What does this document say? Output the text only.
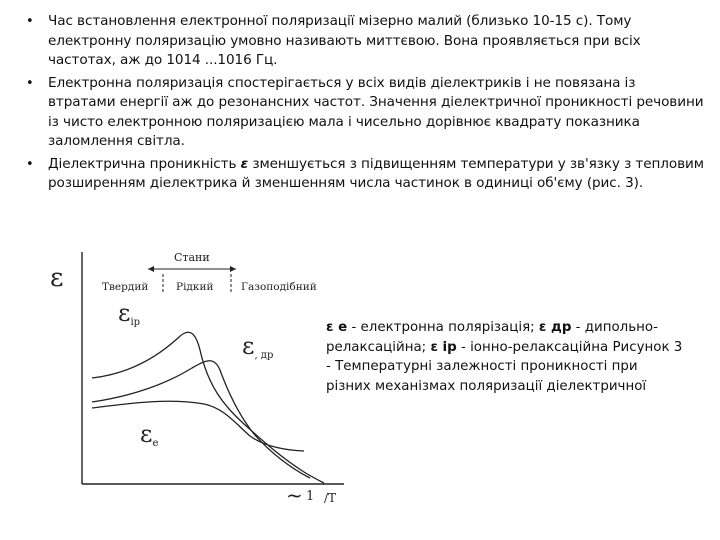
• Час встановлення електронної поляризації мізерно малий (близько 10-15 с). Тому електронну поляризацію умовно називають миттєвою. Вона проявляється при всіх частотах, аж до 1014 ...1016 Гц.
• Електронна поляризація спостерігається у всіх видів діелектриків і не повязана із втратами енергії аж до резонансних частот. Значення діелектричної проникності речовини із чисто електронною поляризацією мала і чисельно дорівнює квадрату показника заломлення світла.
• Діелектрична проникність ε зменшується з підвищенням температури у зв'язку з тепловим розширенням діелектрика й зменшенням числа частинок в одиниці об'єму (рис. 3).
ε
Стани
Твердий	Рідкий	Газоподібний
εір
ε, др
εе
~ 1 /Т
ε е - електронна полярізація; ε др - дипольно-релаксаційна; ε ір - іонно-релаксаційна Рисунок 3 - Температурні залежності проникності при різних механізмах поляризації діелектричної
